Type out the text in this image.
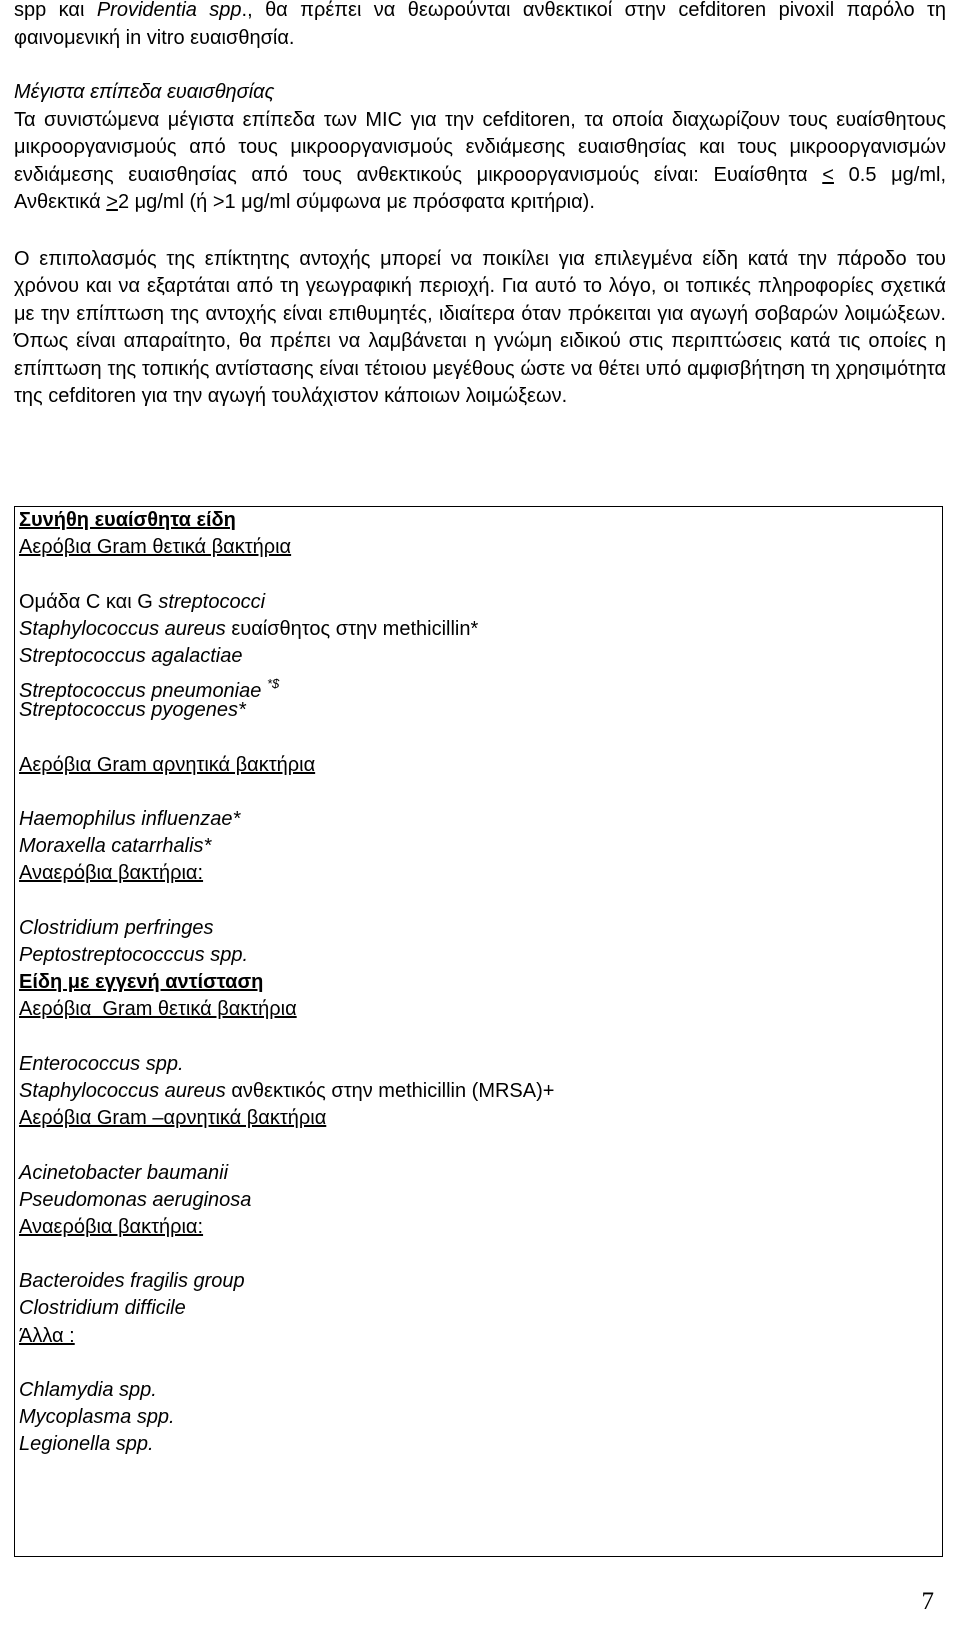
spp και Providentia spp., θα πρέπει να θεωρούνται ανθεκτικοί στην cefditoren pivoxil παρόλο τη φαινομενική in vitro ευαισθησία.

Μέγιστα επίπεδα ευαισθησίας

Τα συνιστώμενα μέγιστα επίπεδα των MIC για την cefditoren, τα οποία διαχωρίζουν τους ευαίσθητους μικροοργανισμούς από τους μικροοργανισμούς ενδιάμεσης ευαισθησίας και τους μικροοργανισμών ενδιάμεσης ευαισθησίας από τους ανθεκτικούς μικροοργανισμούς είναι: Ευαίσθητα ≤ 0.5 μg/ml, Ανθεκτικά ≥2 μg/ml (ή >1 μg/ml σύμφωνα με πρόσφατα κριτήρια).

Ο επιπολασμός της επίκτητης αντοχής μπορεί να ποικίλει για επιλεγμένα είδη κατά την πάροδο του χρόνου και να εξαρτάται από τη γεωγραφική περιοχή. Για αυτό το λόγο, οι τοπικές πληροφορίες σχετικά με την επίπτωση της αντοχής είναι επιθυμητές, ιδιαίτερα όταν πρόκειται για αγωγή σοβαρών λοιμώξεων. Όπως είναι απαραίτητο, θα πρέπει να λαμβάνεται η γνώμη ειδικού στις περιπτώσεις κατά τις οποίες η επίπτωση της τοπικής αντίστασης είναι τέτοιου μεγέθους ώστε να θέτει υπό αμφισβήτηση τη χρησιμότητα της cefditoren για την αγωγή τουλάχιστον κάποιων λοιμώξεων.

Συνήθη ευαίσθητα είδη
Αερόβια Gram θετικά βακτήρια
Ομάδα C και G streptococci
Staphylococcus aureus ευαίσθητος στην methicillin*
Streptococcus agalactiae
Streptococcus pneumoniae *$
Streptococcus pyogenes*
Αερόβια Gram αρνητικά βακτήρια
Haemophilus influenzae*
Moraxella catarrhalis*
Αναερόβια βακτήρια:
Clostridium perfringes
Peptostreptococccus spp.
Είδη με εγγενή αντίσταση
Αερόβια  Gram θετικά βακτήρια
Enterococcus spp.
Staphylococcus aureus ανθεκτικός στην methicillin (MRSA)+
Αερόβια Gram –αρνητικά βακτήρια
Acinetobacter baumanii
Pseudomonas aeruginosa
Αναερόβια βακτήρια:
Bacteroides fragilis group
Clostridium difficile
Άλλα :
Chlamydia spp.
Mycoplasma spp.
Legionella spp.
7
